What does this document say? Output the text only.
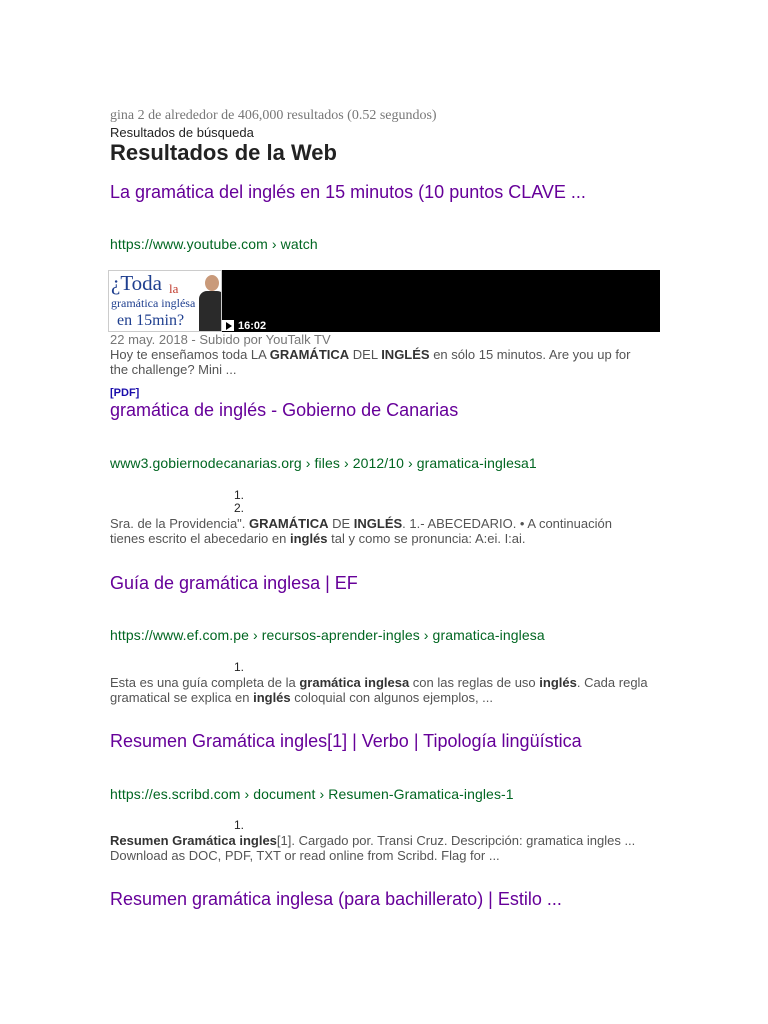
gina 2 de alrededor de 406,000 resultados (0.52 segundos)
Resultados de búsqueda
Resultados de la Web
La gramática del inglés en 15 minutos (10 puntos CLAVE ...
https://www.youtube.com › watch
¿Toda la
gramática inglésa
en 15min?	16:02
22 may. 2018 - Subido por YouTalk TV
Hoy te enseñamos toda LA GRAMÁTICA DEL INGLÉS en sólo 15 minutos. Are you up for the challenge? Mini ...
[PDF]
gramática de inglés - Gobierno de Canarias
www3.gobiernodecanarias.org › files › 2012/10 › gramatica-inglesa1
1.
2.
Sra. de la Providencia". GRAMÁTICA DE INGLÉS. 1.- ABECEDARIO. • A continuación tienes escrito el abecedario en inglés tal y como se pronuncia: A:ei. I:ai.
Guía de gramática inglesa | EF
https://www.ef.com.pe › recursos-aprender-ingles › gramatica-inglesa
1.
Esta es una guía completa de la gramática inglesa con las reglas de uso inglés. Cada regla gramatical se explica en inglés coloquial con algunos ejemplos, ...
Resumen Gramática ingles[1] | Verbo | Tipología lingüística
https://es.scribd.com › document › Resumen-Gramatica-ingles-1
1.
Resumen Gramática ingles[1]. Cargado por. Transi Cruz. Descripción: gramatica ingles ... Download as DOC, PDF, TXT or read online from Scribd. Flag for ...
Resumen gramática inglesa (para bachillerato) | Estilo ...
